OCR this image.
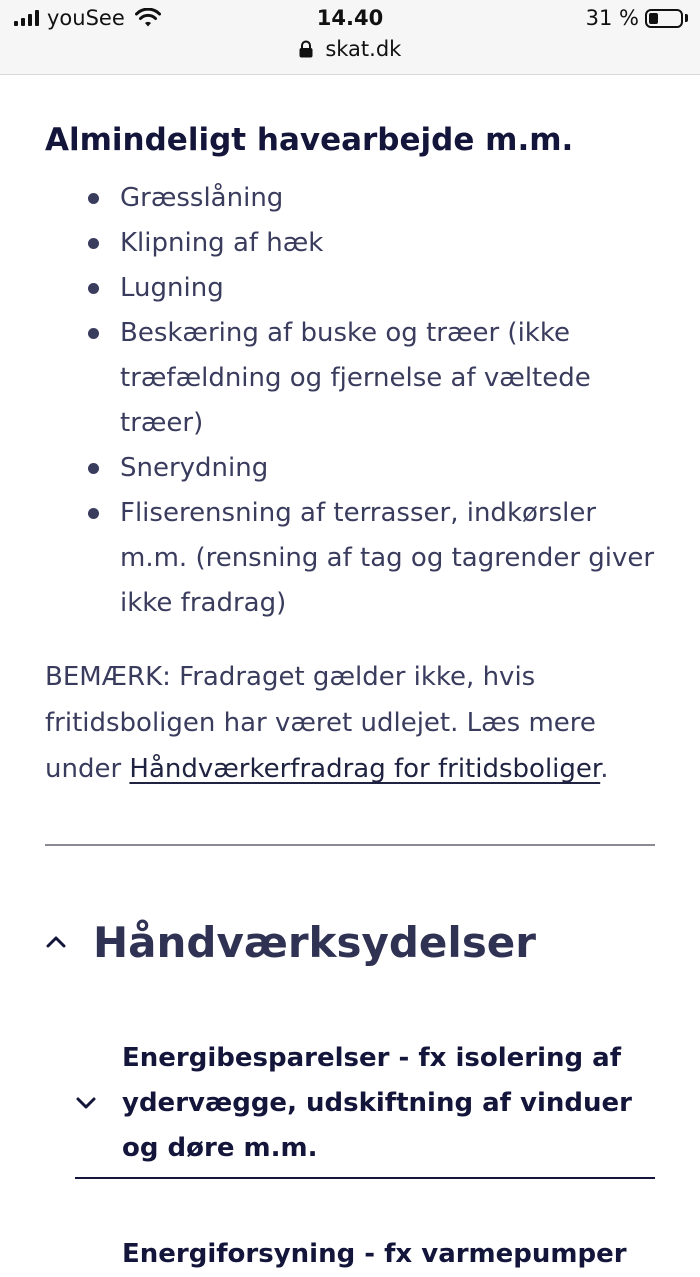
youSee	14.40
skat.dk
31 %
Almindeligt havearbejde m.m.
Græsslåning
Klipning af hæk
Lugning
Beskæring af buske og træer (ikke træfældning og fjernelse af væltede træer)
Snerydning
Fliserensning af terrasser, indkørsler m.m. (rensning af tag og tagrender giver ikke fradrag)

BEMÆRK: Fradraget gælder ikke, hvis fritidsboligen har været udlejet. Læs mere under Håndværkerfradrag for fritidsboliger.

Håndværksydelser
Energibesparelser - fx isolering af ydervægge, udskiftning af vinduer og døre m.m.
Energiforsyning - fx varmepumper
